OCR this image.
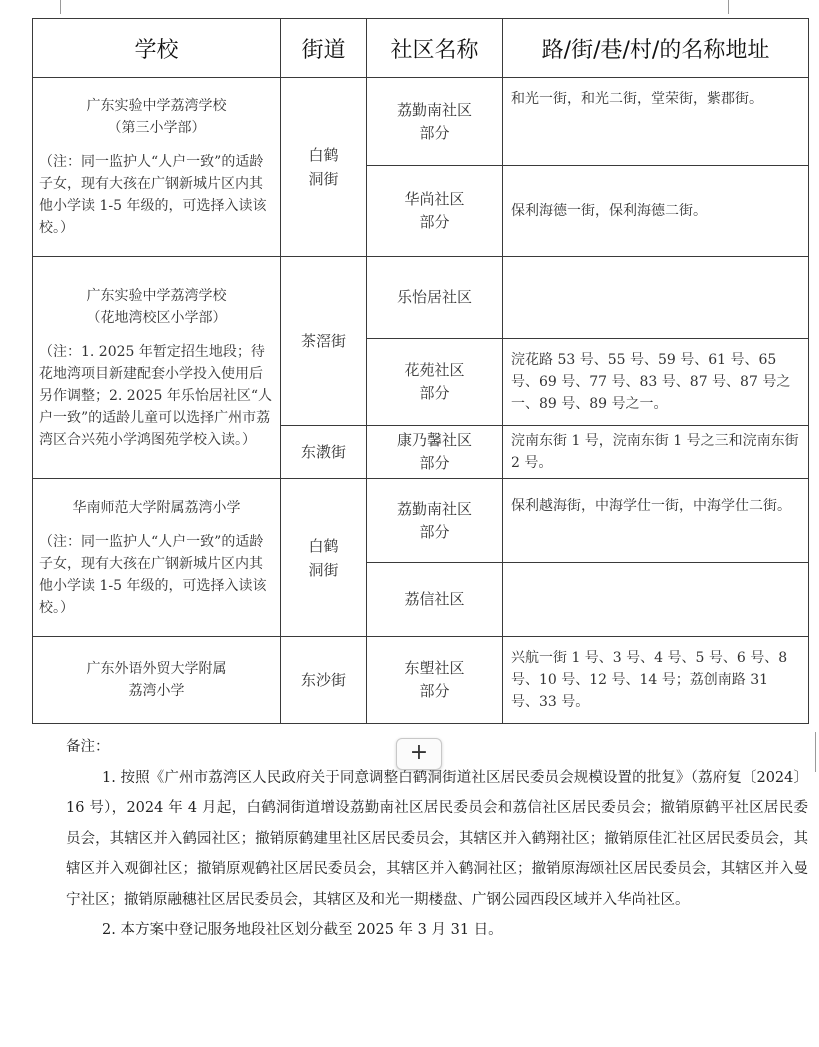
学校	街道	社区名称	路/街/巷/村/的名称地址

广东实验中学荔湾学校
（第三小学部）
（注：同一监护人“人户一致”的适龄子女，现有大孩在广钢新城片区内其他小学读 1-5 年级的，可选择入读该校。）	白鹤洞街	荔勤南社区
部分	和光一街，和光二街，堂荣街，紫郡街。

		华尚社区
部分	保利海德一街，保利海德二街。

广东实验中学荔湾学校
（花地湾校区小学部）
（注：1. 2025 年暂定招生地段；待花地湾项目新建配套小学投入使用后另作调整；2. 2025 年乐怡居社区“人户一致”的适龄儿童可以选择广州市荔湾区合兴苑小学鸿图苑学校入读。）	茶滘街	乐怡居社区	

		花苑社区
部分	浣花路 53 号、55 号、59 号、61 号、65 号、69 号、77 号、83 号、87 号、87 号之一、89 号、89 号之一。

	东漖街	康乃馨社区
部分	浣南东街 1 号，浣南东街 1 号之三和浣南东街 2 号。

华南师范大学附属荔湾小学
（注：同一监护人“人户一致”的适龄子女，现有大孩在广钢新城片区内其他小学读 1-5 年级的，可选择入读该校。）	白鹤洞街	荔勤南社区
部分	保利越海街，中海学仕一街，中海学仕二街。

		荔信社区	

广东外语外贸大学附属
荔湾小学	东沙街	东塱社区
部分	兴航一街 1 号、3 号、4 号、5 号、6 号、8 号、10 号、12 号、14 号；荔创南路 31 号、33 号。
备注：

1. 按照《广州市荔湾区人民政府关于同意调整白鹤洞街道社区居民委员会规模设置的批复》（荔府复〔2024〕16 号），2024 年 4 月起，白鹤洞街道增设荔勤南社区居民委员会和荔信社区居民委员会；撤销原鹤平社区居民委员会，其辖区并入鹤园社区；撤销原鹤建里社区居民委员会，其辖区并入鹤翔社区；撤销原佳汇社区居民委员会，其辖区并入观御社区；撤销原观鹤社区居民委员会，其辖区并入鹤洞社区；撤销原海颂社区居民委员会，其辖区并入曼宁社区；撤销原融穗社区居民委员会，其辖区及和光一期楼盘、广钢公园西段区域并入华尚社区。

2. 本方案中登记服务地段社区划分截至 2025 年 3 月 31 日。

+
